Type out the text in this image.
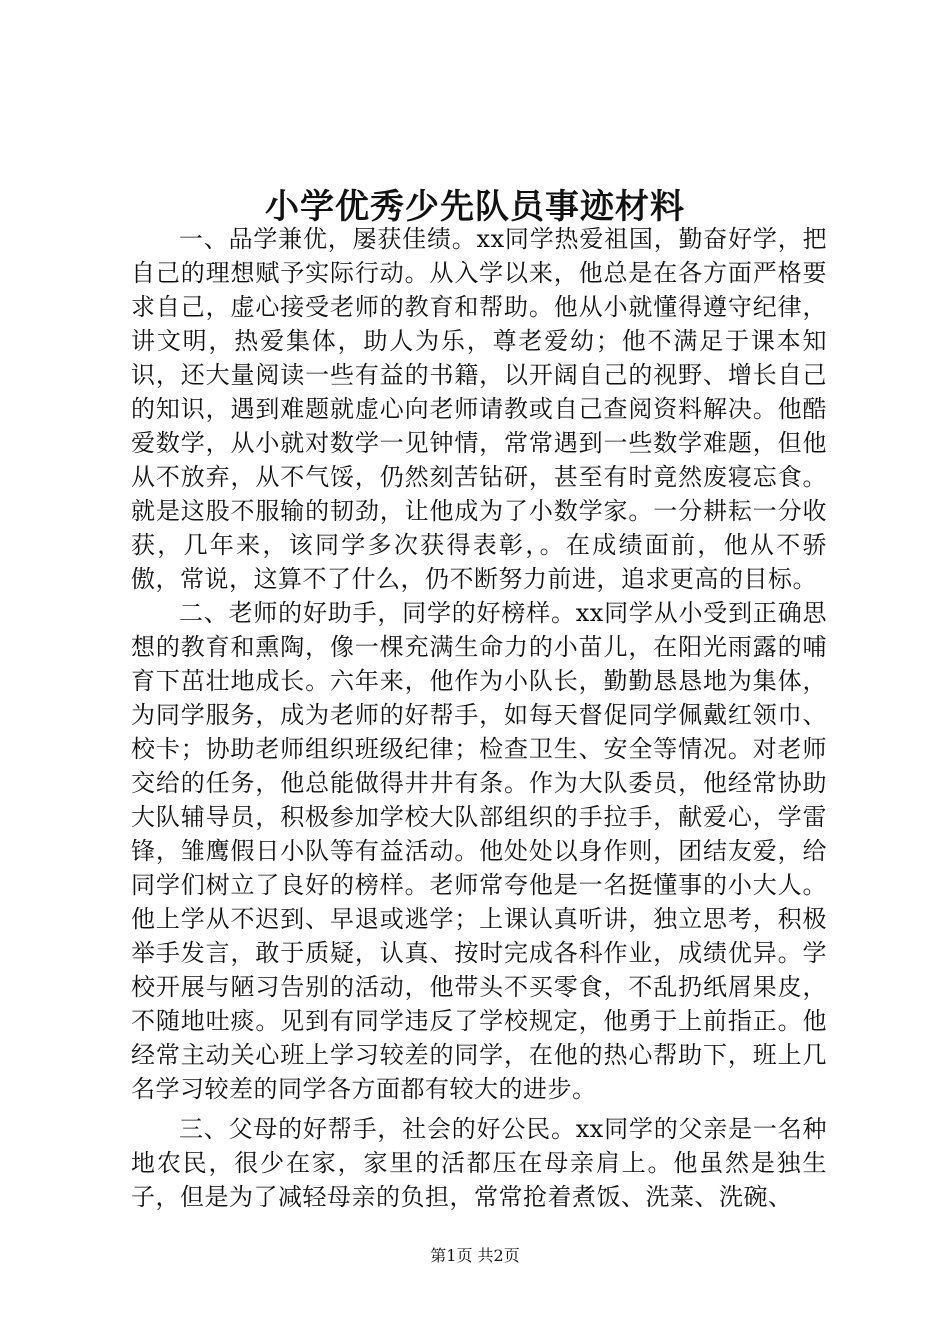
小学优秀少先队员事迹材料

一、品学兼优，屡获佳绩。xx同学热爱祖国，勤奋好学，把自己的理想赋予实际行动。从入学以来，他总是在各方面严格要求自己，虚心接受老师的教育和帮助。他从小就懂得遵守纪律，讲文明，热爱集体，助人为乐，尊老爱幼；他不满足于课本知识，还大量阅读一些有益的书籍，以开阔自己的视野、增长自己的知识，遇到难题就虚心向老师请教或自己查阅资料解决。他酷爱数学，从小就对数学一见钟情，常常遇到一些数学难题，但他从不放弃，从不气馁，仍然刻苦钻研，甚至有时竟然废寝忘食。就是这股不服输的韧劲，让他成为了小数学家。一分耕耘一分收获，几年来，该同学多次获得表彰，。在成绩面前，他从不骄傲，常说，这算不了什么，仍不断努力前进，追求更高的目标。

二、老师的好助手，同学的好榜样。xx同学从小受到正确思想的教育和熏陶，像一棵充满生命力的小苗儿，在阳光雨露的哺育下茁壮地成长。六年来，他作为小队长，勤勤恳恳地为集体，为同学服务，成为老师的好帮手，如每天督促同学佩戴红领巾、校卡；协助老师组织班级纪律；检查卫生、安全等情况。对老师交给的任务，他总能做得井井有条。作为大队委员，他经常协助大队辅导员，积极参加学校大队部组织的手拉手，献爱心，学雷锋，雏鹰假日小队等有益活动。他处处以身作则，团结友爱，给同学们树立了良好的榜样。老师常夸他是一名挺懂事的小大人。他上学从不迟到、早退或逃学；上课认真听讲，独立思考，积极举手发言，敢于质疑，认真、按时完成各科作业，成绩优异。学校开展与陋习告别的活动，他带头不买零食，不乱扔纸屑果皮，不随地吐痰。见到有同学违反了学校规定，他勇于上前指正。他经常主动关心班上学习较差的同学，在他的热心帮助下，班上几名学习较差的同学各方面都有较大的进步。

三、父母的好帮手，社会的好公民。xx同学的父亲是一名种地农民，很少在家，家里的活都压在母亲肩上。他虽然是独生子，但是为了减轻母亲的负担，常常抢着煮饭、洗菜、洗碗、

第1页 共2页
